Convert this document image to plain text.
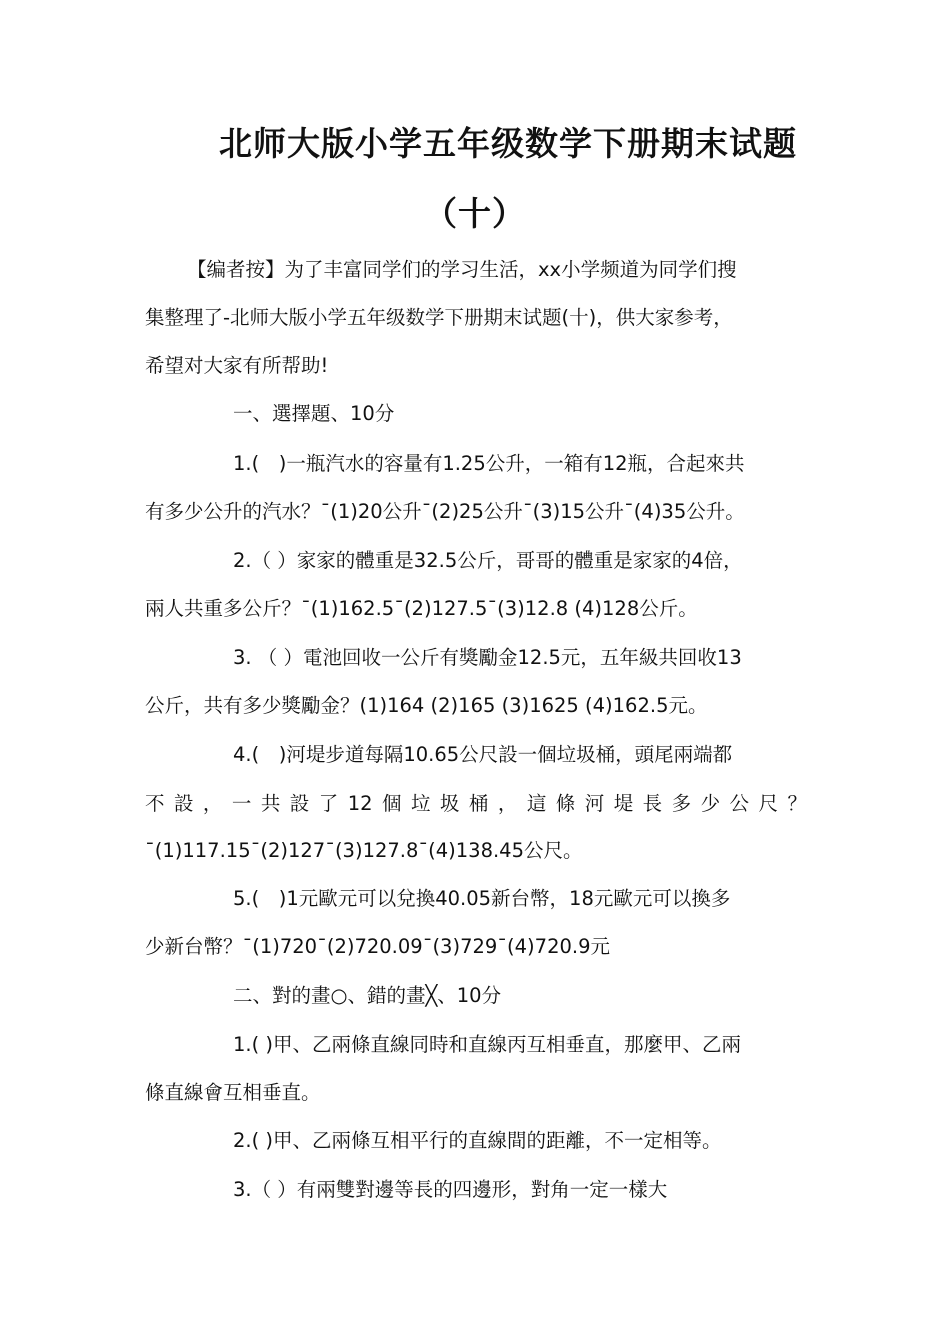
北师大版小学五年级数学下册期末试题
（十）
【编者按】为了丰富同学们的学习生活，xx小学频道为同学们搜
集整理了-北师大版小学五年级数学下册期末试题(十)，供大家参考，
希望对大家有所帮助!
一、選擇題、10分
1.(　)一瓶汽水的容量有1.25公升，一箱有12瓶，合起來共
有多少公升的汽水？ˉ(1)20公升ˉ(2)25公升ˉ(3)15公升ˉ(4)35公升。
2.（ ）家家的體重是32.5公斤，哥哥的體重是家家的4倍，
兩人共重多公斤？ˉ(1)162.5ˉ(2)127.5ˉ(3)12.8 (4)128公斤。
3. （ ）電池回收一公斤有獎勵金12.5元，五年級共回收13
公斤，共有多少獎勵金？(1)164 (2)165 (3)1625 (4)162.5元。
4.(　)河堤步道每隔10.65公尺設一個垃圾桶，頭尾兩端都
不設，一共設了12個垃圾桶，這條河堤長多少公尺？
ˉ(1)117.15ˉ(2)127ˉ(3)127.8ˉ(4)138.45公尺。
5.(　)1元歐元可以兌換40.05新台幣，18元歐元可以換多
少新台幣？ˉ(1)720ˉ(2)720.09ˉ(3)729ˉ(4)720.9元
二、對的畫○、錯的畫╳、10分
1.( )甲、乙兩條直線同時和直線丙互相垂直，那麼甲、乙兩
條直線會互相垂直。
2.( )甲、乙兩條互相平行的直線間的距離，不一定相等。
3.（ ）有兩雙對邊等長的四邊形，對角一定一樣大
